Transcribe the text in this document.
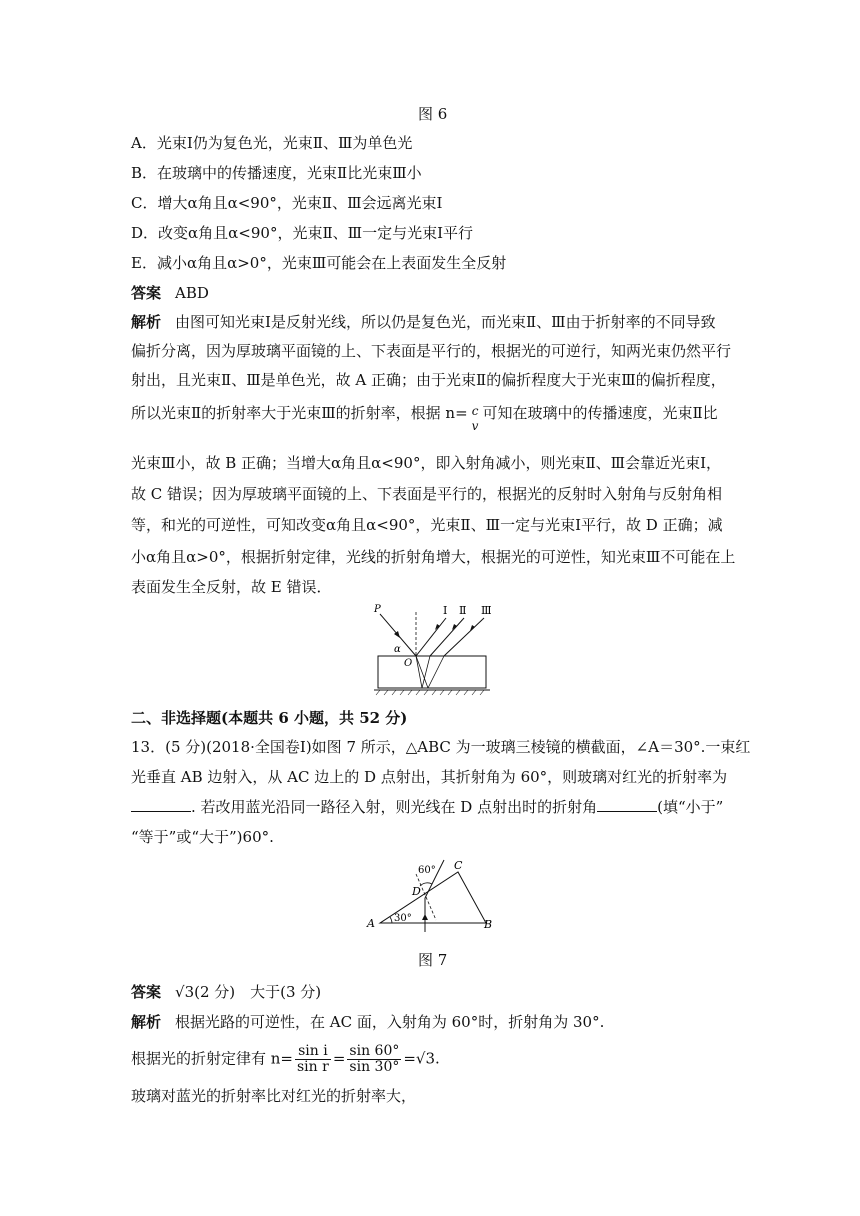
图 6
A．光束Ⅰ仍为复色光，光束Ⅱ、Ⅲ为单色光
B．在玻璃中的传播速度，光束Ⅱ比光束Ⅲ小
C．增大α角且α<90°，光束Ⅱ、Ⅲ会远离光束Ⅰ
D．改变α角且α<90°，光束Ⅱ、Ⅲ一定与光束Ⅰ平行
E．减小α角且α>0°，光束Ⅲ可能会在上表面发生全反射
答案 ABD
解析 由图可知光束Ⅰ是反射光线，所以仍是复色光，而光束Ⅱ、Ⅲ由于折射率的不同导致
偏折分离，因为厚玻璃平面镜的上、下表面是平行的，根据光的可逆行，知两光束仍然平行
射出，且光束Ⅱ、Ⅲ是单色光，故 A 正确；由于光束Ⅱ的偏折程度大于光束Ⅲ的偏折程度，
所以光束Ⅱ的折射率大于光束Ⅲ的折射率，根据 n= c
v
可知在玻璃中的传播速度，光束Ⅱ比
光束Ⅲ小，故 B 正确；当增大α角且α<90°，即入射角减小，则光束Ⅱ、Ⅲ会靠近光束Ⅰ，
故 C 错误；因为厚玻璃平面镜的上、下表面是平行的，根据光的反射时入射角与反射角相
等，和光的可逆性，可知改变α角且α<90°，光束Ⅱ、Ⅲ一定与光束Ⅰ平行，故 D 正确；减
小α角且α>0°，根据折射定律，光线的折射角增大，根据光的可逆性，知光束Ⅲ不可能在上
表面发生全反射，故 E 错误．
P
α
O
Ⅰ Ⅱ Ⅲ
二、非选择题(本题共 6 小题，共 52 分)
13．(5 分)(2018·全国卷Ⅰ)如图 7 所示，△ABC 为一玻璃三棱镜的横截面，∠A＝30°.一束红
光垂直 AB 边射入，从 AC 边上的 D 点射出，其折射角为 60°，则玻璃对红光的折射率为
. 若改用蓝光沿同一路径入射，则光线在 D 点射出时的折射角	(填“小于”
“等于”或“大于”)60°.
A	B
C
D
60°
30°
图 7
答案 √3(2 分)　大于(3 分)
解析 根据光路的可逆性，在 AC 面，入射角为 60°时，折射角为 30°.
根据光的折射定律有 $n= \frac{\text{sin i}}{\text{sin r}} = \frac{\sin 60^\circ}{\sin 30^\circ} =√3$.
玻璃对蓝光的折射率比对红光的折射率大，
